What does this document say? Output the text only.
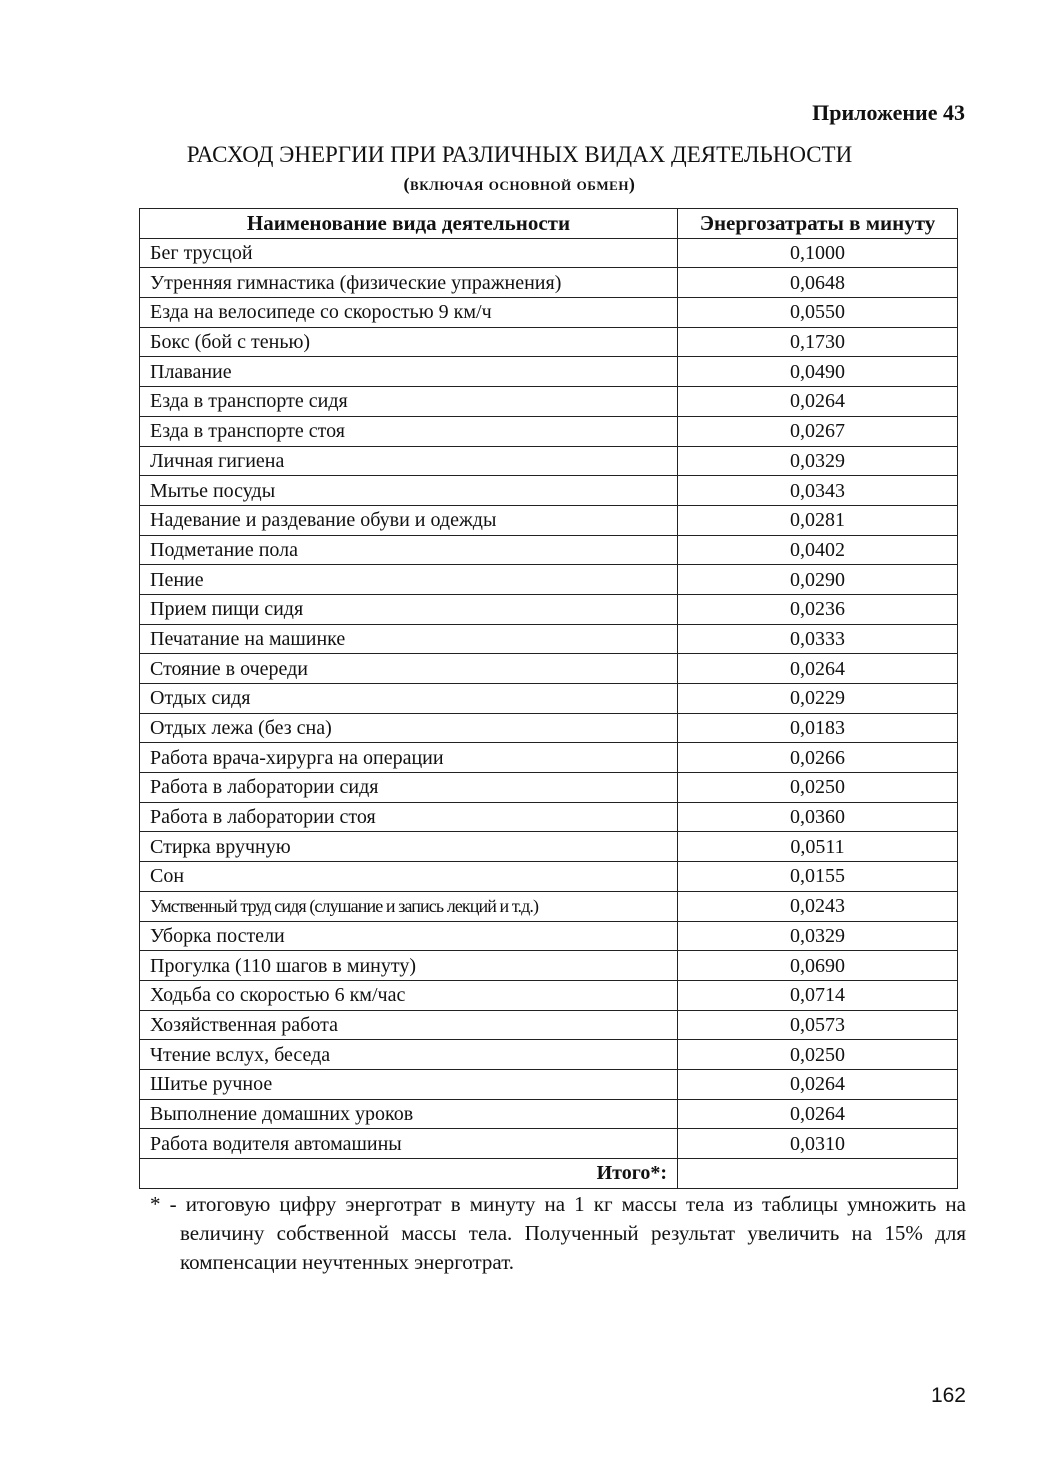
Приложение 43
РАСХОД ЭНЕРГИИ ПРИ РАЗЛИЧНЫХ ВИДАХ ДЕЯТЕЛЬНОСТИ
(включая основной обмен)
Наименование вида деятельности	Энергозатраты в минуту
Бег трусцой	0,1000
Утренняя гимнастика (физические упражнения)	0,0648
Езда на велосипеде со скоростью 9 км/ч	0,0550
Бокс (бой с тенью)	0,1730
Плавание	0,0490
Езда в транспорте сидя	0,0264
Езда в транспорте стоя	0,0267
Личная гигиена	0,0329
Мытье посуды	0,0343
Надевание и раздевание обуви и одежды	0,0281
Подметание пола	0,0402
Пение	0,0290
Прием пищи сидя	0,0236
Печатание на машинке	0,0333
Стояние в очереди	0,0264
Отдых сидя	0,0229
Отдых лежа (без сна)	0,0183
Работа врача-хирурга на операции	0,0266
Работа в лаборатории сидя	0,0250
Работа в лаборатории стоя	0,0360
Стирка вручную	0,0511
Сон	0,0155
Умственный труд сидя (слушание и запись лекций и т.д.)	0,0243
Уборка постели	0,0329
Прогулка (110 шагов в минуту)	0,0690
Ходьба со скоростью 6 км/час	0,0714
Хозяйственная работа	0,0573
Чтение вслух, беседа	0,0250
Шитье ручное	0,0264
Выполнение домашних уроков	0,0264
Работа водителя автомашины	0,0310
Итого*:	

* - итоговую цифру энерготрат в минуту на 1 кг массы тела из таблицы умножить на величину собственной массы тела. Полученный результат увеличить на 15% для компенсации неучтенных энерготрат.

162
